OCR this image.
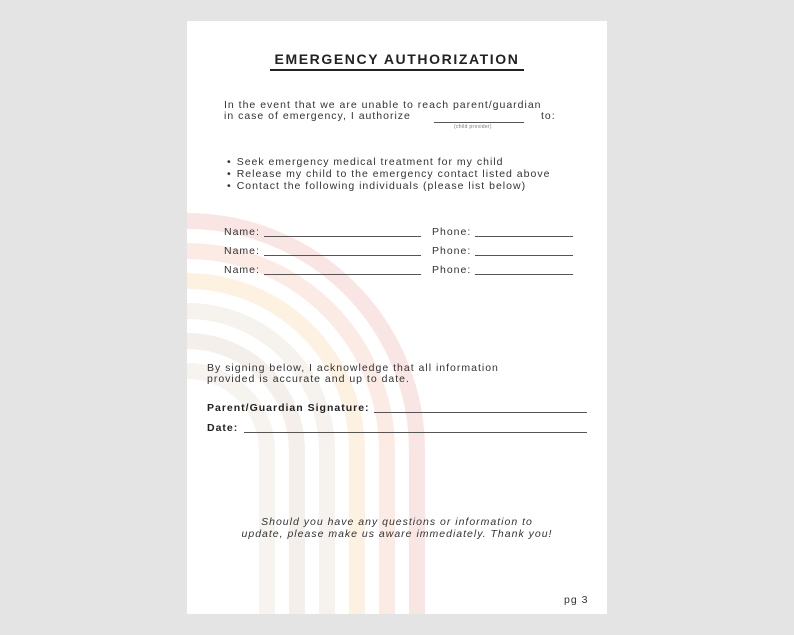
EMERGENCY AUTHORIZATION
In the event that we are unable to reach parent/guardian
in case of emergency, I authorize
(child provider)
to:
• Seek emergency medical treatment for my child
• Release my child to the emergency contact listed above
• Contact the following individuals (please list below)
Name:	Phone:
Name:	Phone:
Name:	Phone:
By signing below, I acknowledge that all information
provided is accurate and up to date.
Parent/Guardian Signature:
Date:
Should you have any questions or information to
update, please make us aware immediately. Thank you!
pg 3
